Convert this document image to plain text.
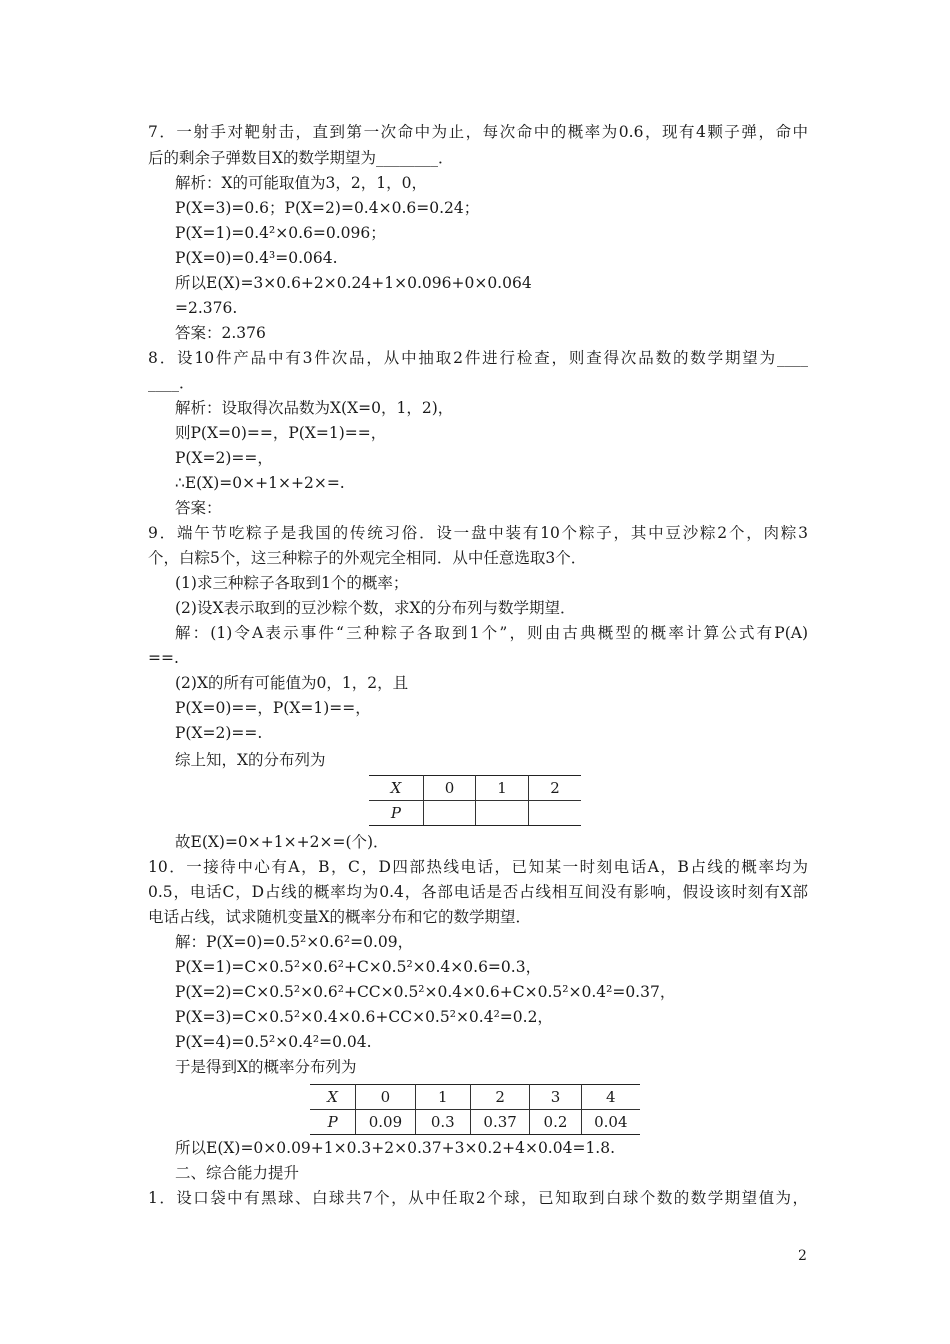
7．一射手对靶射击，直到第一次命中为止，每次命中的概率为0.6，现有4颗子弹，命中
后的剩余子弹数目X的数学期望为________．
解析：X的可能取值为3，2，1，0，
P(X=3)=0.6；P(X=2)=0.4×0.6=0.24；
P(X=1)=0.4²×0.6=0.096；
P(X=0)=0.4³=0.064.
所以E(X)=3×0.6+2×0.24+1×0.096+0×0.064
=2.376.
答案：2.376
8．设10件产品中有3件次品，从中抽取2件进行检查，则查得次品数的数学期望为____
____．
解析：设取得次品数为X(X=0，1，2)，
则P(X=0)==，P(X=1)==，
P(X=2)==，
∴E(X)=0×+1×+2×=.
答案：
9．端午节吃粽子是我国的传统习俗．设一盘中装有10个粽子，其中豆沙粽2个，肉粽3
个，白粽5个，这三种粽子的外观完全相同．从中任意选取3个．
(1)求三种粽子各取到1个的概率；
(2)设X表示取到的豆沙粽个数，求X的分布列与数学期望．
解：(1)令A表示事件“三种粽子各取到1个”，则由古典概型的概率计算公式有P(A)
==.
(2)X的所有可能值为0，1，2，且
P(X=0)==，P(X=1)==，
P(X=2)==.
综上知，X的分布列为
X	0	1	2
P			
故E(X)=0×+1×+2×=(个)．
10．一接待中心有A，B，C，D四部热线电话，已知某一时刻电话A，B占线的概率均为
0.5，电话C，D占线的概率均为0.4，各部电话是否占线相互间没有影响，假设该时刻有X部
电话占线，试求随机变量X的概率分布和它的数学期望．
解：P(X=0)=0.5²×0.6²=0.09，
P(X=1)=C×0.5²×0.6²+C×0.5²×0.4×0.6=0.3，
P(X=2)=C×0.5²×0.6²+CC×0.5²×0.4×0.6+C×0.5²×0.4²=0.37，
P(X=3)=C×0.5²×0.4×0.6+CC×0.5²×0.4²=0.2，
P(X=4)=0.5²×0.4²=0.04.
于是得到X的概率分布列为
X	0	1	2	3	4
P	0.09	0.3	0.37	0.2	0.04
所以E(X)=0×0.09+1×0.3+2×0.37+3×0.2+4×0.04=1.8.
二、综合能力提升
1．设口袋中有黑球、白球共7个，从中任取2个球，已知取到白球个数的数学期望值为，
2
